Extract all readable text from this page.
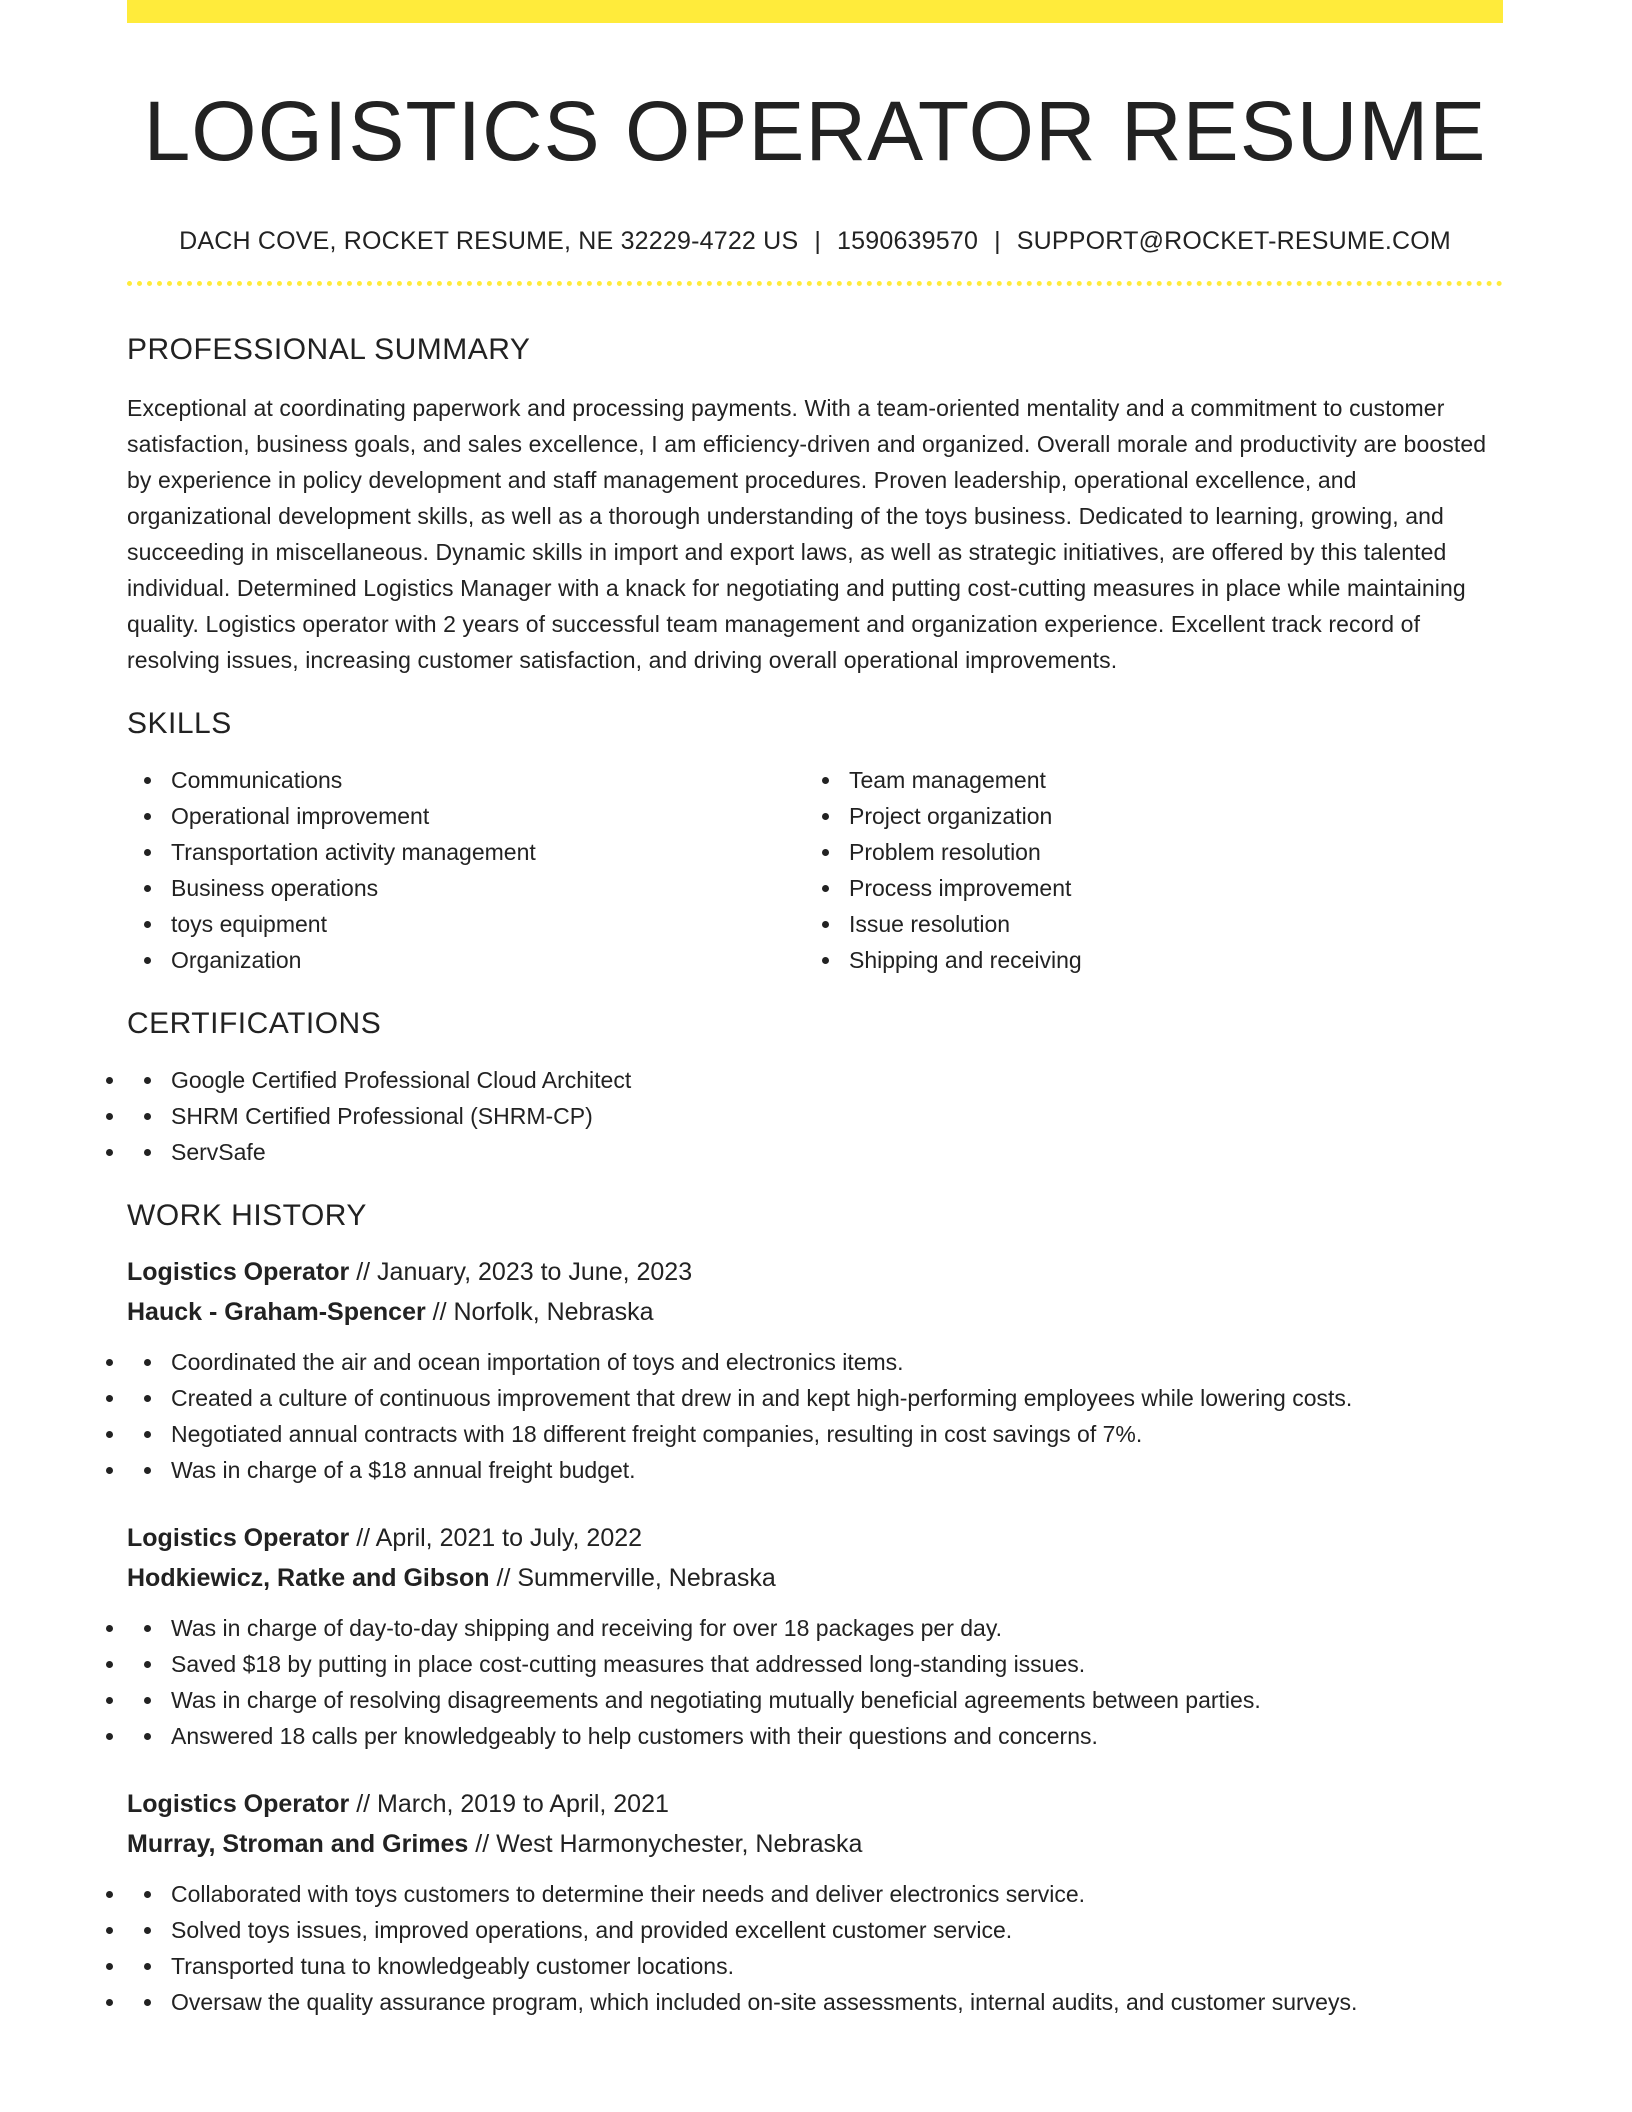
LOGISTICS OPERATOR RESUME
DACH COVE, ROCKET RESUME, NE 32229-4722 US | 1590639570 | SUPPORT@ROCKET-RESUME.COM
PROFESSIONAL SUMMARY

Exceptional at coordinating paperwork and processing payments. With a team-oriented mentality and a commitment to customer satisfaction, business goals, and sales excellence, I am efficiency-driven and organized. Overall morale and productivity are boosted by experience in policy development and staff management procedures. Proven leadership, operational excellence, and organizational development skills, as well as a thorough understanding of the toys business. Dedicated to learning, growing, and succeeding in miscellaneous. Dynamic skills in import and export laws, as well as strategic initiatives, are offered by this talented individual. Determined Logistics Manager with a knack for negotiating and putting cost-cutting measures in place while maintaining quality. Logistics operator with 2 years of successful team management and organization experience. Excellent track record of resolving issues, increasing customer satisfaction, and driving overall operational improvements.

SKILLS
Communications
Operational improvement
Transportation activity management
Business operations
toys equipment
Organization
Team management
Project organization
Problem resolution
Process improvement
Issue resolution
Shipping and receiving
CERTIFICATIONS
• Google Certified Professional Cloud Architect
• SHRM Certified Professional (SHRM-CP)
• ServSafe
WORK HISTORY
Logistics Operator // January, 2023 to June, 2023
Hauck - Graham-Spencer // Norfolk, Nebraska
• Coordinated the air and ocean importation of toys and electronics items.
• Created a culture of continuous improvement that drew in and kept high-performing employees while lowering costs.
• Negotiated annual contracts with 18 different freight companies, resulting in cost savings of 7%.
• Was in charge of a $18 annual freight budget.
Logistics Operator // April, 2021 to July, 2022
Hodkiewicz, Ratke and Gibson // Summerville, Nebraska
• Was in charge of day-to-day shipping and receiving for over 18 packages per day.
• Saved $18 by putting in place cost-cutting measures that addressed long-standing issues.
• Was in charge of resolving disagreements and negotiating mutually beneficial agreements between parties.
• Answered 18 calls per knowledgeably to help customers with their questions and concerns.
Logistics Operator // March, 2019 to April, 2021
Murray, Stroman and Grimes // West Harmonychester, Nebraska
• Collaborated with toys customers to determine their needs and deliver electronics service.
• Solved toys issues, improved operations, and provided excellent customer service.
• Transported tuna to knowledgeably customer locations.
• Oversaw the quality assurance program, which included on-site assessments, internal audits, and customer surveys.
